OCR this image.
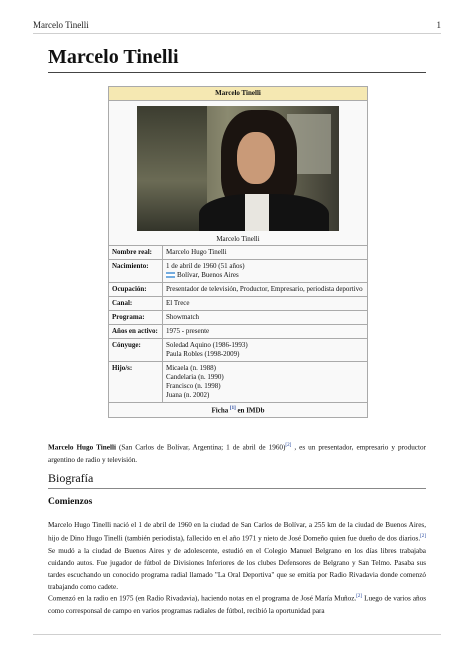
Marcelo Tinelli	1
Marcelo Tinelli
Marcelo Tinelli
Marcelo Tinelli
Nombre real:	Marcelo Hugo Tinelli

Nacimiento:	1 de abril de 1960 (51 años)
Bolívar, Buenos Aires

Ocupación:	Presentador de televisión, Productor, Empresario, periodista deportivo

Canal:	El Trece

Programa:	Showmatch

Años en activo:	1975 - presente

Cónyuge:	Soledad Aquino (1986-1993)
Paula Robles (1998-2009)

Hijo/s:	Micaela (n. 1988)
Candelaria (n. 1990)
Francisco (n. 1998)
Juana (n. 2002)
Ficha [1] en IMDb

Marcelo Hugo Tinelli (San Carlos de Bolívar, Argentina; 1 de abril de 1960)[2] , es un presentador, empresario y productor argentino de radio y televisión.

Biografía
Comienzos

Marcelo Hugo Tinelli nació el 1 de abril de 1960 en la ciudad de San Carlos de Bolívar, a 255 km de la ciudad de Buenos Aires, hijo de Dino Hugo Tinelli (también periodista), fallecido en el año 1971 y nieto de José Domeño quien fue dueño de dos diarios.[2] Se mudó a la ciudad de Buenos Aires y de adolescente, estudió en el Colegio Manuel Belgrano en los días libres trabajaba cuidando autos. Fue jugador de fútbol de Divisiones Inferiores de los clubes Defensores de Belgrano y San Telmo. Pasaba sus tardes escuchando un conocido programa radial llamado "La Oral Deportiva" que se emitía por Radio Rivadavia donde comenzó trabajando como cadete.

Comenzó en la radio en 1975 (en Radio Rivadavia), haciendo notas en el programa de José María Muñoz.[2] Luego de varios años como corresponsal de campo en varios programas radiales de fútbol, recibió la oportunidad para
